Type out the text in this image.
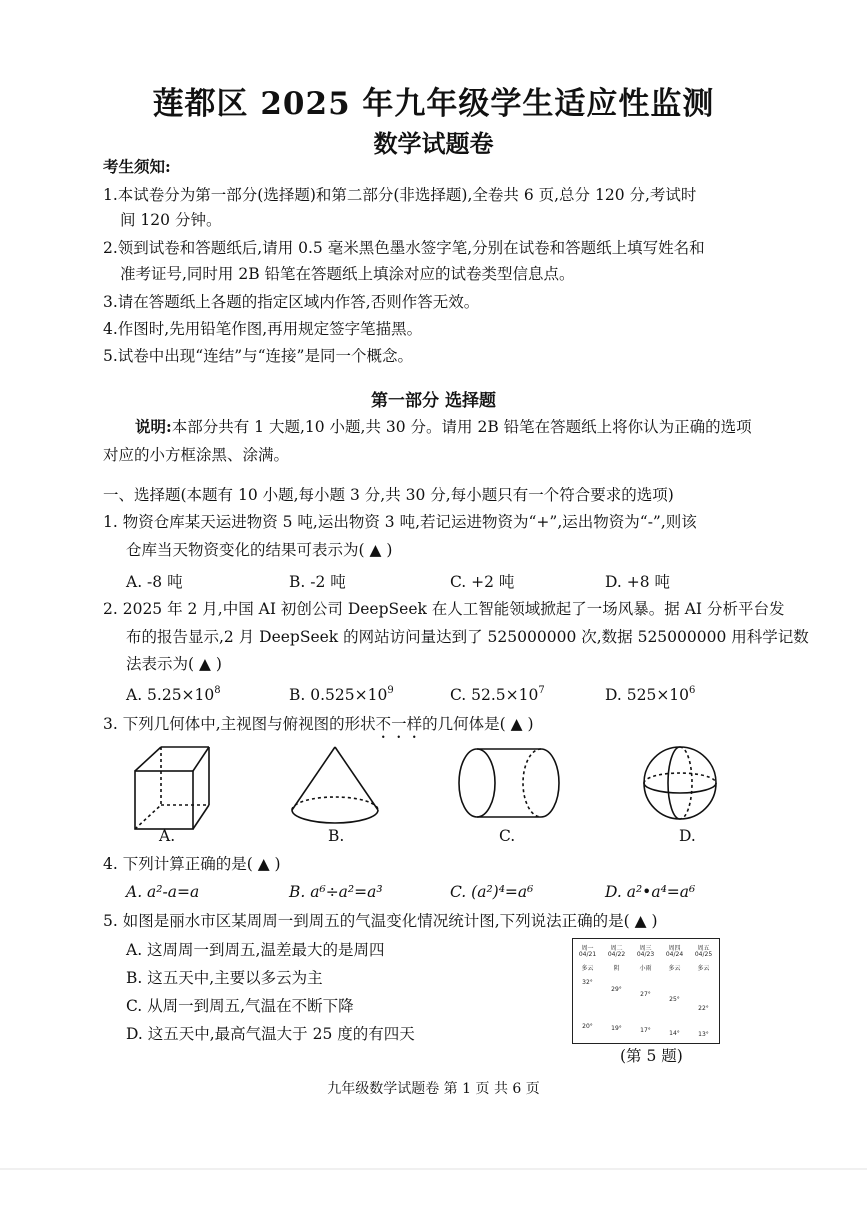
莲都区 2025 年九年级学生适应性监测
数学试题卷
考生须知:
1.本试卷分为第一部分(选择题)和第二部分(非选择题),全卷共 6 页,总分 120 分,考试时
间 120 分钟。
2.领到试卷和答题纸后,请用 0.5 毫米黑色墨水签字笔,分别在试卷和答题纸上填写姓名和
准考证号,同时用 2B 铅笔在答题纸上填涂对应的试卷类型信息点。
3.请在答题纸上各题的指定区域内作答,否则作答无效。
4.作图时,先用铅笔作图,再用规定签字笔描黑。
5.试卷中出现“连结”与“连接”是同一个概念。
第一部分 选择题
说明:本部分共有 1 大题,10 小题,共 30 分。请用 2B 铅笔在答题纸上将你认为正确的选项
对应的小方框涂黑、涂满。
一、选择题(本题有 10 小题,每小题 3 分,共 30 分,每小题只有一个符合要求的选项)
1. 物资仓库某天运进物资 5 吨,运出物资 3 吨,若记运进物资为“+”,运出物资为“-”,则该
仓库当天物资变化的结果可表示为( ▲ )
A. -8 吨	B. -2 吨	C. +2 吨	D. +8 吨
2. 2025 年 2 月,中国 AI 初创公司 DeepSeek 在人工智能领域掀起了一场风暴。据 AI 分析平台发
布的报告显示,2 月 DeepSeek 的网站访问量达到了 525000000 次,数据 525000000 用科学记数
法表示为( ▲ )
A. $5.25\times 10^8$	B. $0.525\times 10^9$	C. $52.5\times 10^7$	D. $525\times 10^6$
3. 下列几何体中,主视图与俯视图的形状不一样的几何体是( ▲ )
A.	B.	C.	D.
4. 下列计算正确的是( ▲ )
A. a²-a=a	B. a⁶÷a²=a³	C. (a²)⁴=a⁶	D. a²•a⁴=a⁶
5. 如图是丽水市区某周周一到周五的气温变化情况统计图,下列说法正确的是( ▲ )
A. 这周周一到周五,温差最大的是周四
B. 这五天中,主要以多云为主
C. 从周一到周五,气温在不断下降
D. 这五天中,最高气温大于 25 度的有四天
周一
04/21
多云
32°
20°
周二
04/22
阴
29°
19°
周三
04/23
小雨
27°
17°
周四
04/24
多云
25°
14°
周五
04/25
多云
22°
13°
(第 5 题)
九年级数学试题卷 第 1 页 共 6 页
